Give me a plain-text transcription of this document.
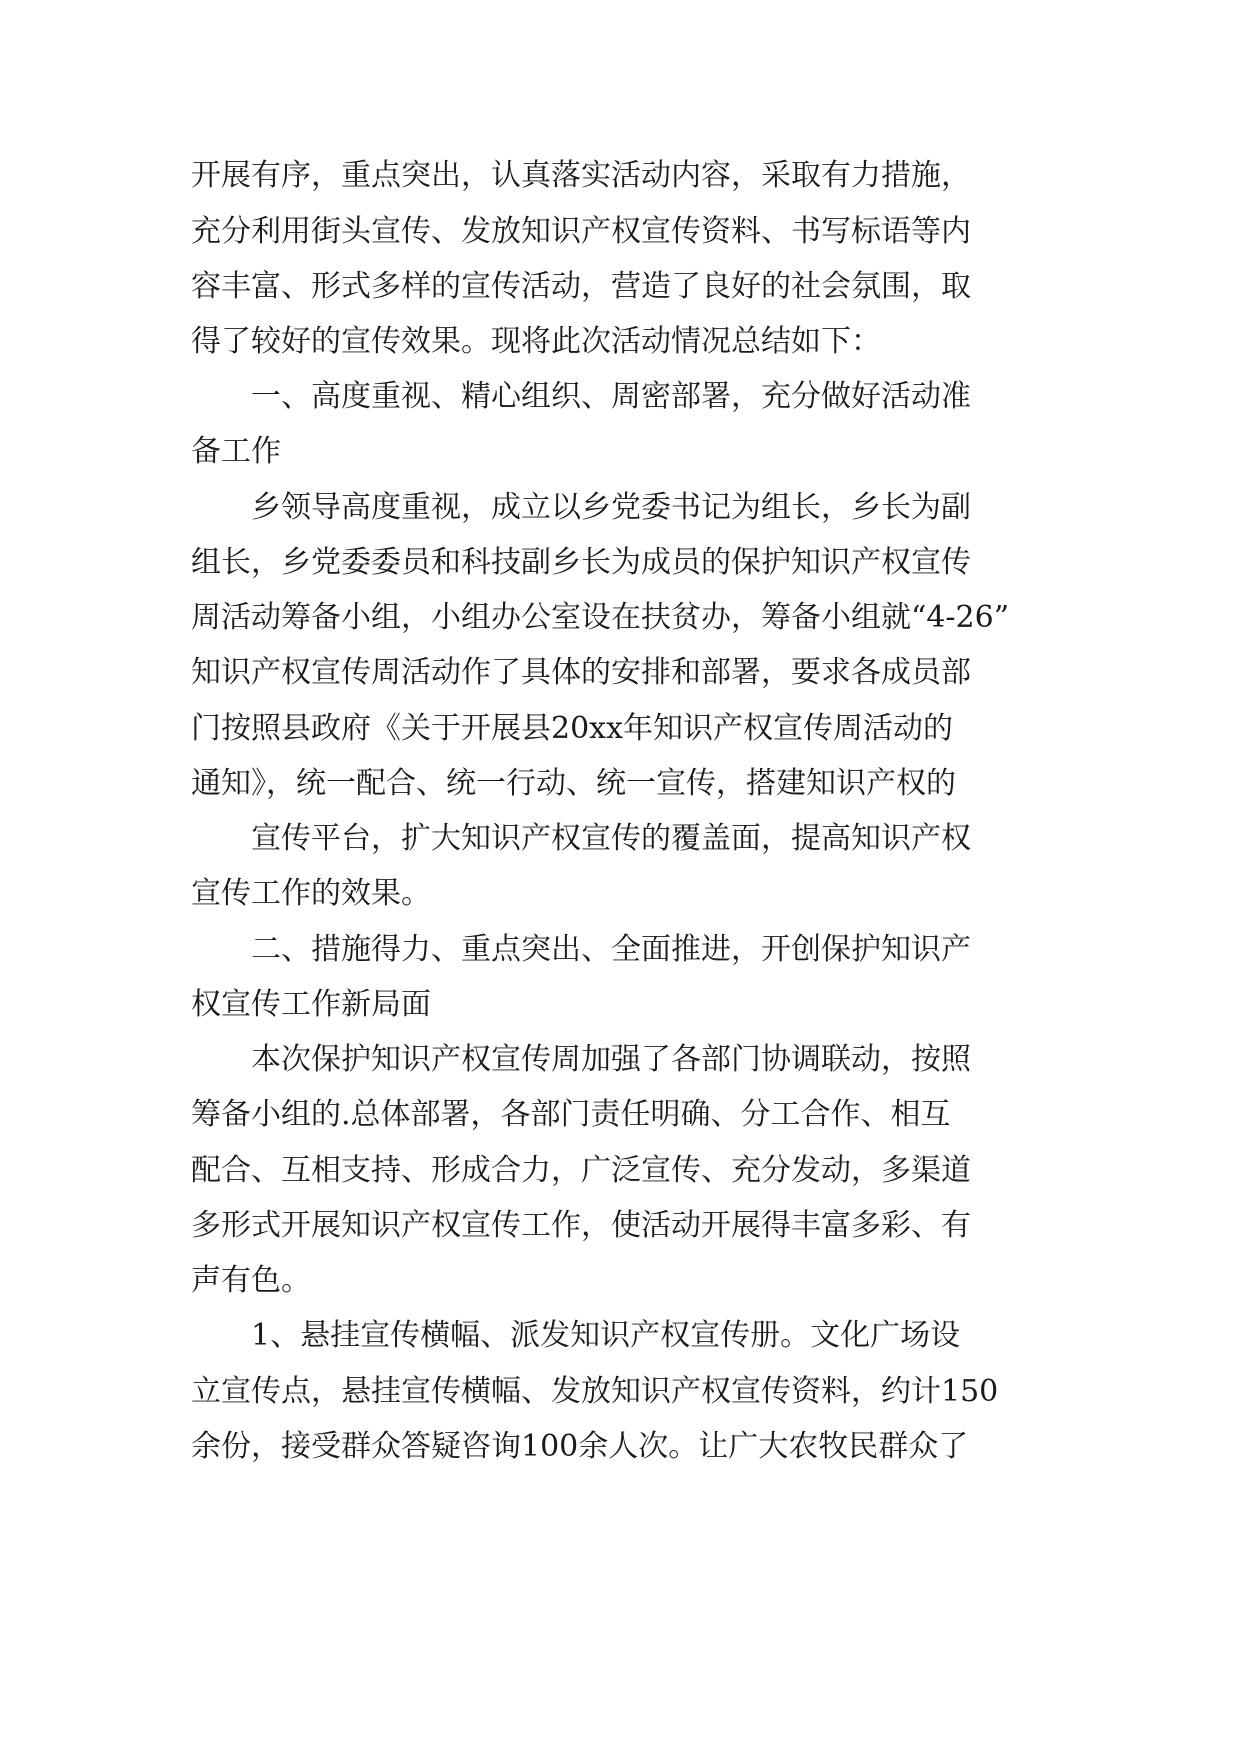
开展有序，重点突出，认真落实活动内容，采取有力措施，
充分利用街头宣传、发放知识产权宣传资料、书写标语等内
容丰富、形式多样的宣传活动，营造了良好的社会氛围，取
得了较好的宣传效果。现将此次活动情况总结如下：
一、高度重视、精心组织、周密部署，充分做好活动准
备工作
乡领导高度重视，成立以乡党委书记为组长，乡长为副
组长，乡党委委员和科技副乡长为成员的保护知识产权宣传
周活动筹备小组，小组办公室设在扶贫办，筹备小组就“4-26”
知识产权宣传周活动作了具体的安排和部署，要求各成员部
门按照县政府《关于开展县20xx年知识产权宣传周活动的
通知》，统一配合、统一行动、统一宣传，搭建知识产权的
宣传平台，扩大知识产权宣传的覆盖面，提高知识产权
宣传工作的效果。
二、措施得力、重点突出、全面推进，开创保护知识产
权宣传工作新局面
本次保护知识产权宣传周加强了各部门协调联动，按照
筹备小组的.总体部署，各部门责任明确、分工合作、相互
配合、互相支持、形成合力，广泛宣传、充分发动，多渠道
多形式开展知识产权宣传工作，使活动开展得丰富多彩、有
声有色。
1、悬挂宣传横幅、派发知识产权宣传册。文化广场设
立宣传点，悬挂宣传横幅、发放知识产权宣传资料，约计150
余份，接受群众答疑咨询100余人次。让广大农牧民群众了
